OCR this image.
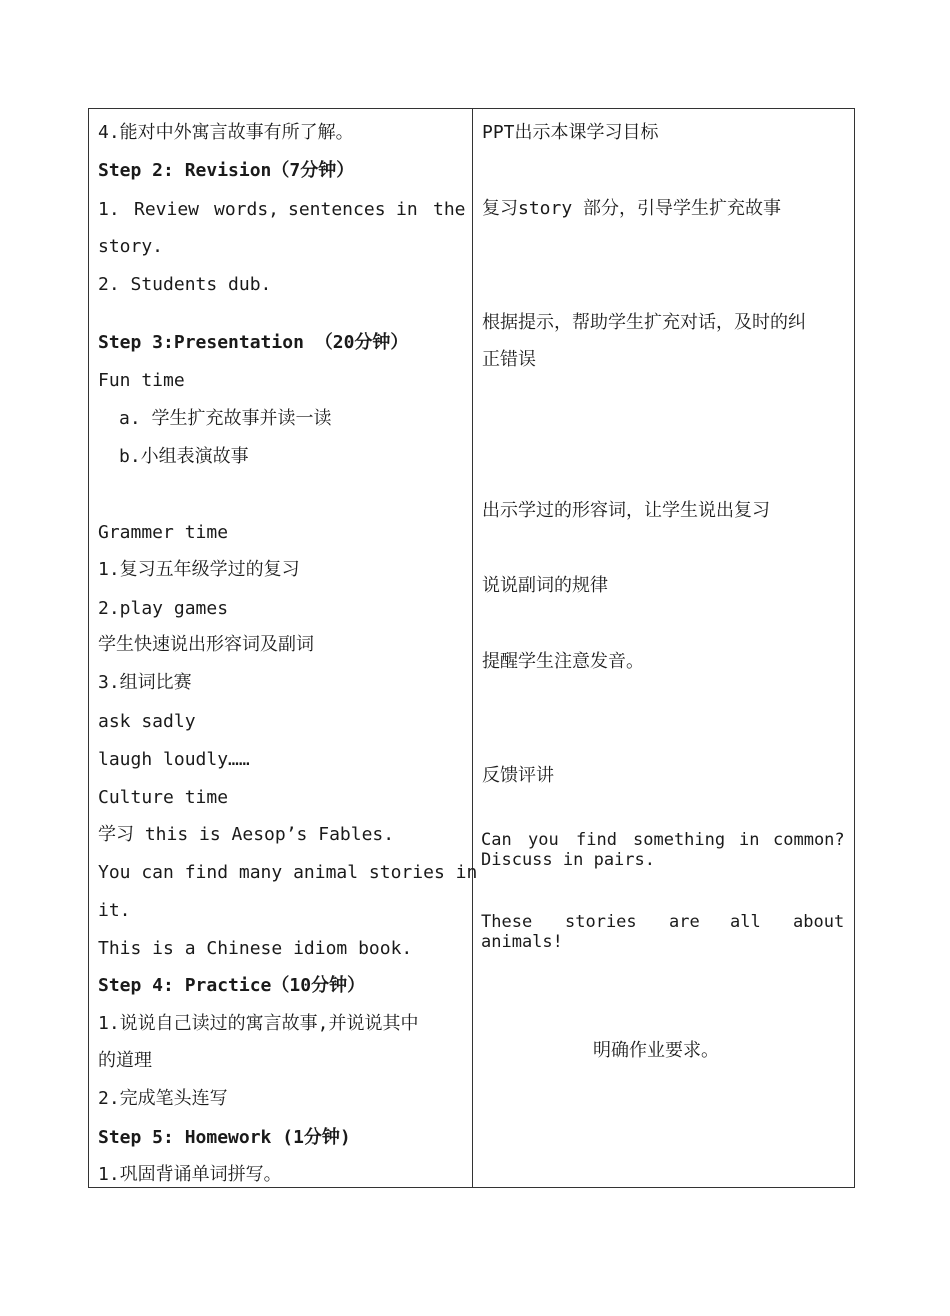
4.能对中外寓言故事有所了解。
Step 2: Revision（7分钟）
1. Review words, sentences in the
story.
2. Students dub.
Step 3:Presentation （20分钟）
Fun time
a. 学生扩充故事并读一读
b.小组表演故事
Grammer time
1.复习五年级学过的复习
2.play games
学生快速说出形容词及副词
3.组词比赛
ask sadly
laugh loudly……
Culture time
学习 this is Aesop’s Fables.
You can find many animal stories in
it.
This is a Chinese idiom book.
Step 4: Practice（10分钟）
1.说说自己读过的寓言故事,并说说其中
的道理
2.完成笔头连写
Step 5: Homework (1分钟)
1.巩固背诵单词拼写。
PPT出示本课学习目标
复习story 部分，引导学生扩充故事
根据提示，帮助学生扩充对话，及时的纠
正错误
出示学过的形容词，让学生说出复习
说说副词的规律
提醒学生注意发音。
反馈评讲
Can you find something in common?
Discuss in pairs.
These stories are all about
animals!
明确作业要求。
